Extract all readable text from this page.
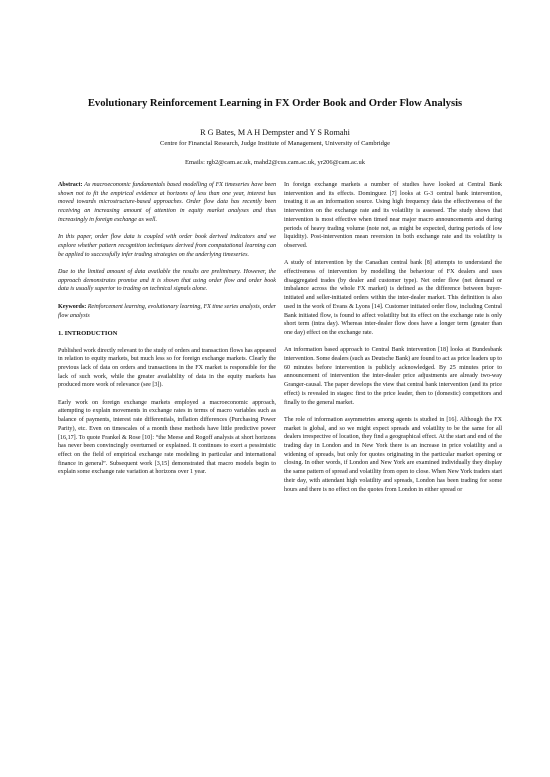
Evolutionary Reinforcement Learning in FX Order Book and Order Flow Analysis
R G Bates, M A H Dempster and Y S Romahi
Centre for Financial Research, Judge Institute of Management, University of Cambridge
Emails: rgb2@cam.ac.uk, mahd2@cus.cam.ac.uk, yr206@cam.ac.uk

Abstract: As macroeconomic fundamentals based modelling of FX timeseries have been shown not to fit the empirical evidence at horizons of less than one year, interest has moved towards microstructure-based approaches. Order flow data has recently been receiving an increasing amount of attention in equity market analyses and thus increasingly in foreign exchange as well.

In this paper, order flow data is coupled with order book derived indicators and we explore whether pattern recognition techniques derived from computational learning can be applied to successfully infer trading strategies on the underlying timeseries.

Due to the limited amount of data available the results are preliminary. However, the approach demonstrates promise and it is shown that using order flow and order book data is usually superior to trading on technical signals alone.

Keywords: Reinforcement learning, evolutionary learning, FX time series analysis, order flow analysis

1. INTRODUCTION

Published work directly relevant to the study of orders and transaction flows has appeared in relation to equity markets, but much less so for foreign exchange markets. Clearly the previous lack of data on orders and transactions in the FX market is responsible for the lack of such work, while the greater availability of data in the equity markets has produced more work of relevance (see [3]).

Early work on foreign exchange markets employed a macroeconomic approach, attempting to explain movements in exchange rates in terms of macro variables such as balance of payments, interest rate differentials, inflation differences (Purchasing Power Parity), etc. Even on timescales of a month these methods have little predictive power [16,17]. To quote Frankel & Rose [10]: “the Meese and Rogoff analysis at short horizons has never been convincingly overturned or explained. It continues to exert a pessimistic effect on the field of empirical exchange rate modeling in particular and international finance in general”. Subsequent work [3,15] demonstrated that macro models begin to explain some exchange rate variation at horizons over 1 year.

In foreign exchange markets a number of studies have looked at Central Bank intervention and its effects. Dominguez [7] looks at G-3 central bank intervention, treating it as an information source. Using high frequency data the effectiveness of the intervention on the exchange rate and its volatility is assessed. The study shows that intervention is most effective when timed near major macro announcements and during periods of heavy trading volume (note not, as might be expected, during periods of low liquidity). Post-intervention mean reversion in both exchange rate and its volatility is observed.

A study of intervention by the Canadian central bank [8] attempts to understand the effectiveness of intervention by modelling the behaviour of FX dealers and uses disaggregated trades (by dealer and customer type). Net order flow (net demand or imbalance across the whole FX market) is defined as the difference between buyer-initiated and seller-initiated orders within the inter-dealer market. This definition is also used in the work of Evans & Lyons [14]. Customer initiated order flow, including Central Bank initiated flow, is found to affect volatility but its effect on the exchange rate is only short term (intra day). Whereas inter-dealer flow does have a longer term (greater than one day) effect on the exchange rate.

An information based approach to Central Bank intervention [18] looks at Bundesbank intervention. Some dealers (such as Deutsche Bank) are found to act as price leaders up to 60 minutes before intervention is publicly acknowledged. By 25 minutes prior to announcement of intervention the inter-dealer price adjustments are already two-way Granger-causal. The paper develops the view that central bank intervention (and its price effect) is revealed in stages: first to the price leader, then to (domestic) competitors and finally to the general market.

The role of information asymmetries among agents is studied in [16]. Although the FX market is global, and so we might expect spreads and volatility to be the same for all dealers irrespective of location, they find a geographical effect. At the start and end of the trading day in London and in New York there is an increase in price volatility and a widening of spreads, but only for quotes originating in the particular market opening or closing. In other words, if London and New York are examined individually they display the same pattern of spread and volatility from open to close. When New York traders start their day, with attendant high volatility and spreads, London has been trading for some hours and there is no effect on the quotes from London in either spread or
